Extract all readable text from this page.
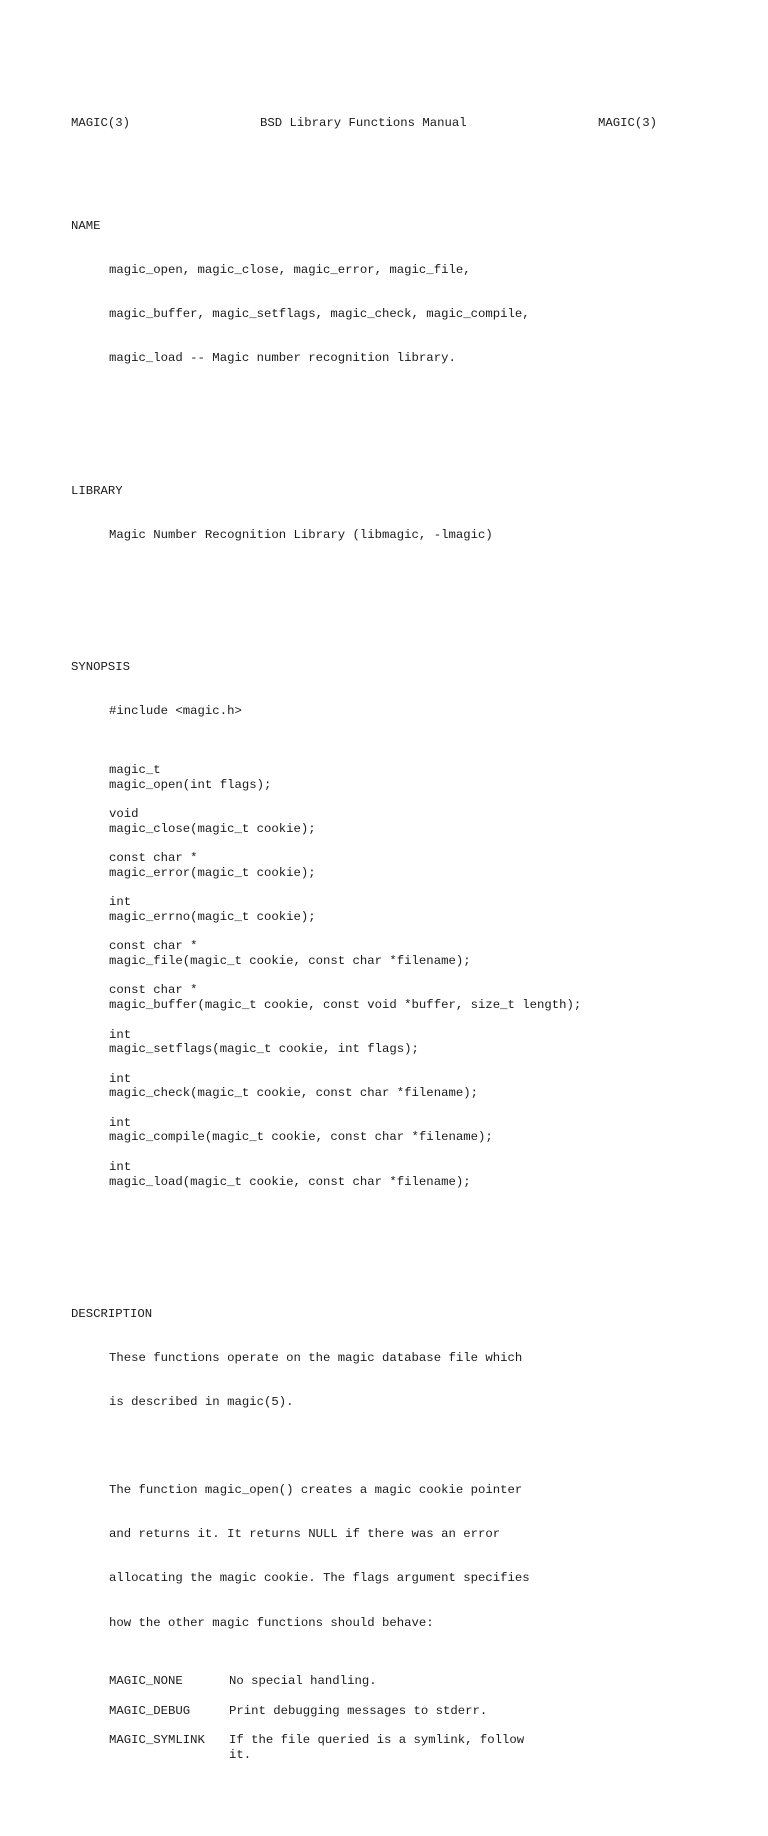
MAGIC(3)

	BSD Library Functions Manual

	MAGIC(3)

NAME

magic_open, magic_close, magic_error, magic_file,

magic_buffer, magic_setflags, magic_check, magic_compile,

magic_load -- Magic number recognition library.

LIBRARY

Magic Number Recognition Library (libmagic, -lmagic)

SYNOPSIS

#include <magic.h>

magic_t
magic_open(int flags);
void
magic_close(magic_t cookie);
const char *
magic_error(magic_t cookie);
int
magic_errno(magic_t cookie);
const char *
magic_file(magic_t cookie, const char *filename);
const char *
magic_buffer(magic_t cookie, const void *buffer, size_t length);
int
magic_setflags(magic_t cookie, int flags);
int
magic_check(magic_t cookie, const char *filename);
int
magic_compile(magic_t cookie, const char *filename);
int
magic_load(magic_t cookie, const char *filename);

DESCRIPTION

These functions operate on the magic database file which

is described in magic(5).

The function magic_open() creates a magic cookie pointer

and returns it. It returns NULL if there was an error

allocating the magic cookie. The flags argument specifies

how the other magic functions should behave:

MAGIC_NONE	No special handling.
MAGIC_DEBUG	Print debugging messages to stderr.
MAGIC_SYMLINK If the file queried is a symlink, follow
it.
